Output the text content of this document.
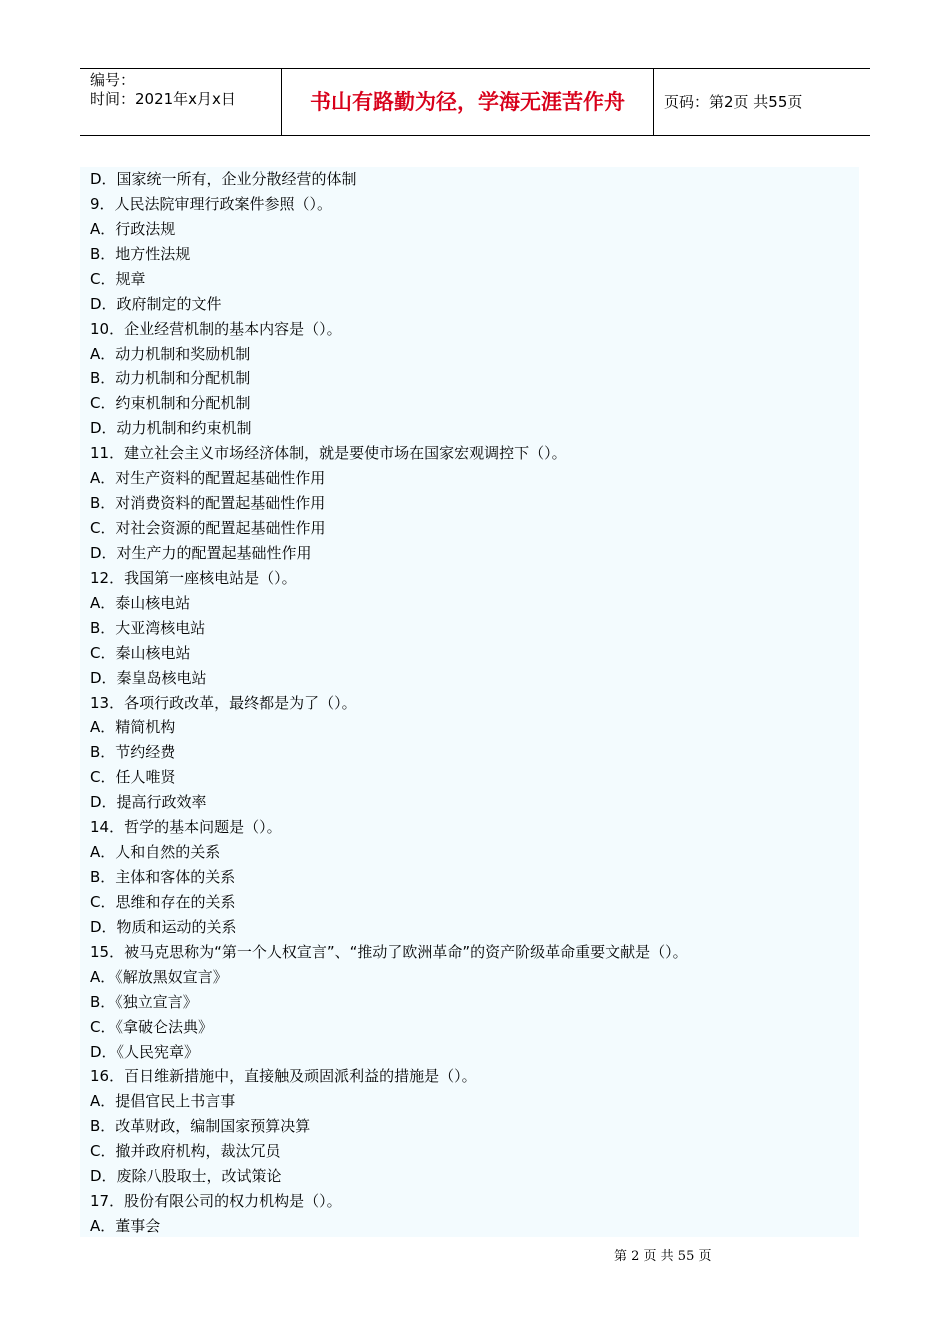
编号：
时间：2021年x月x日	书山有路勤为径，学海无涯苦作舟	页码：第2页 共55页
D．国家统一所有，企业分散经营的体制
9．人民法院审理行政案件参照（）。
A．行政法规
B．地方性法规
C．规章
D．政府制定的文件
10．企业经营机制的基本内容是（）。
A．动力机制和奖励机制
B．动力机制和分配机制
C．约束机制和分配机制
D．动力机制和约束机制
11．建立社会主义市场经济体制，就是要使市场在国家宏观调控下（）。
A．对生产资料的配置起基础性作用
B．对消费资料的配置起基础性作用
C．对社会资源的配置起基础性作用
D．对生产力的配置起基础性作用
12．我国第一座核电站是（）。
A．泰山核电站
B．大亚湾核电站
C．秦山核电站
D．秦皇岛核电站
13．各项行政改革，最终都是为了（）。
A．精简机构
B．节约经费
C．任人唯贤
D．提高行政效率
14．哲学的基本问题是（）。
A．人和自然的关系
B．主体和客体的关系
C．思维和存在的关系
D．物质和运动的关系
15．被马克思称为“第一个人权宣言”、“推动了欧洲革命”的资产阶级革命重要文献是（）。
A．《解放黑奴宣言》
B．《独立宣言》
C．《拿破仑法典》
D．《人民宪章》
16．百日维新措施中，直接触及顽固派利益的措施是（）。
A．提倡官民上书言事
B．改革财政，编制国家预算决算
C．撤并政府机构，裁汰冗员
D．废除八股取士，改试策论
17．股份有限公司的权力机构是（）。
A．董事会
第 2 页 共 55 页
